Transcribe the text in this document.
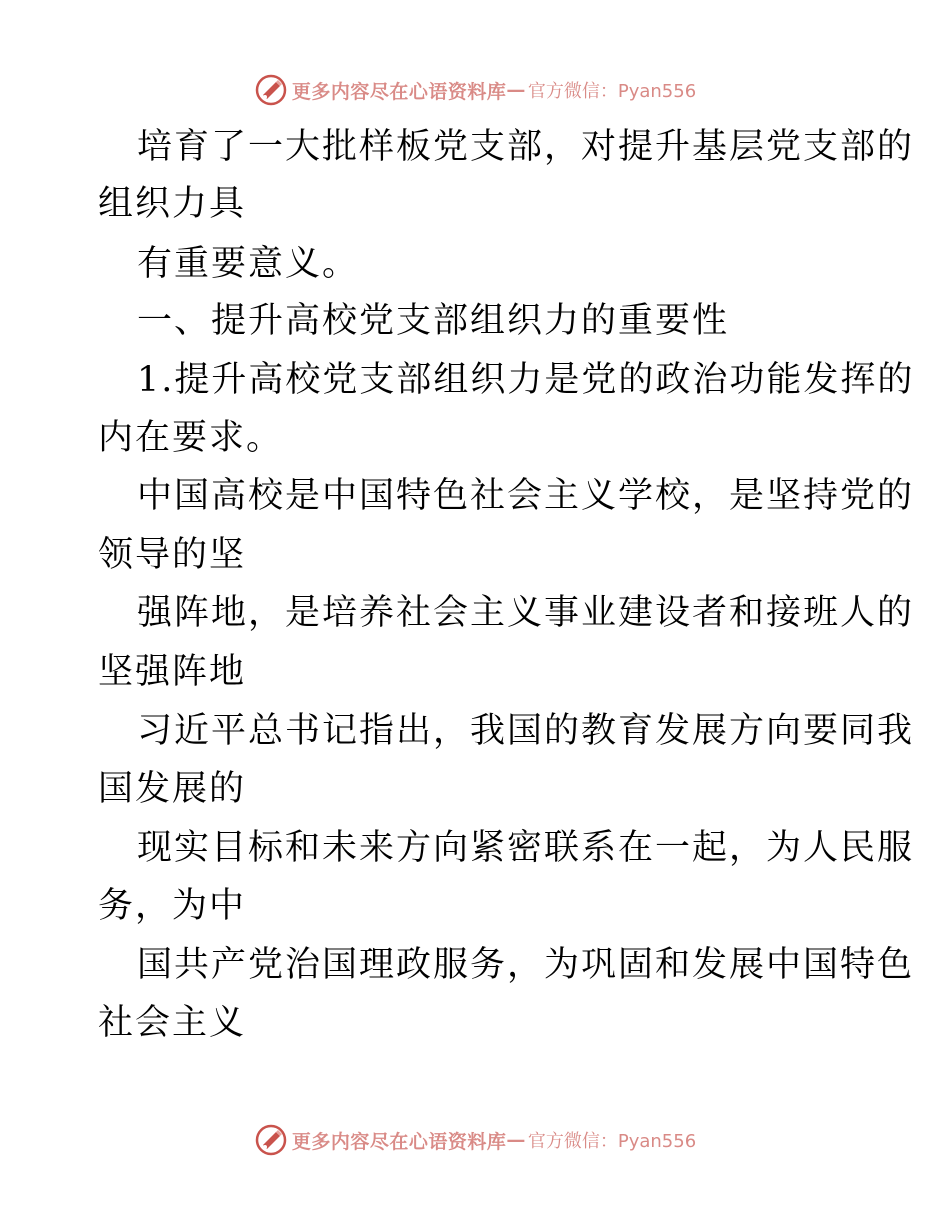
更多内容尽在心语资料库 — 官方微信：Pyan556
培育了一大批样板党支部，对提升基层党支部的
组织力具
有重要意义。
一、提升高校党支部组织力的重要性
1.提升高校党支部组织力是党的政治功能发挥的
内在要求。
中国高校是中国特色社会主义学校，是坚持党的
领导的坚
强阵地，是培养社会主义事业建设者和接班人的
坚强阵地
习近平总书记指出，我国的教育发展方向要同我
国发展的
现实目标和未来方向紧密联系在一起，为人民服
务，为中
国共产党治国理政服务，为巩固和发展中国特色
社会主义
更多内容尽在心语资料库 — 官方微信：Pyan556
